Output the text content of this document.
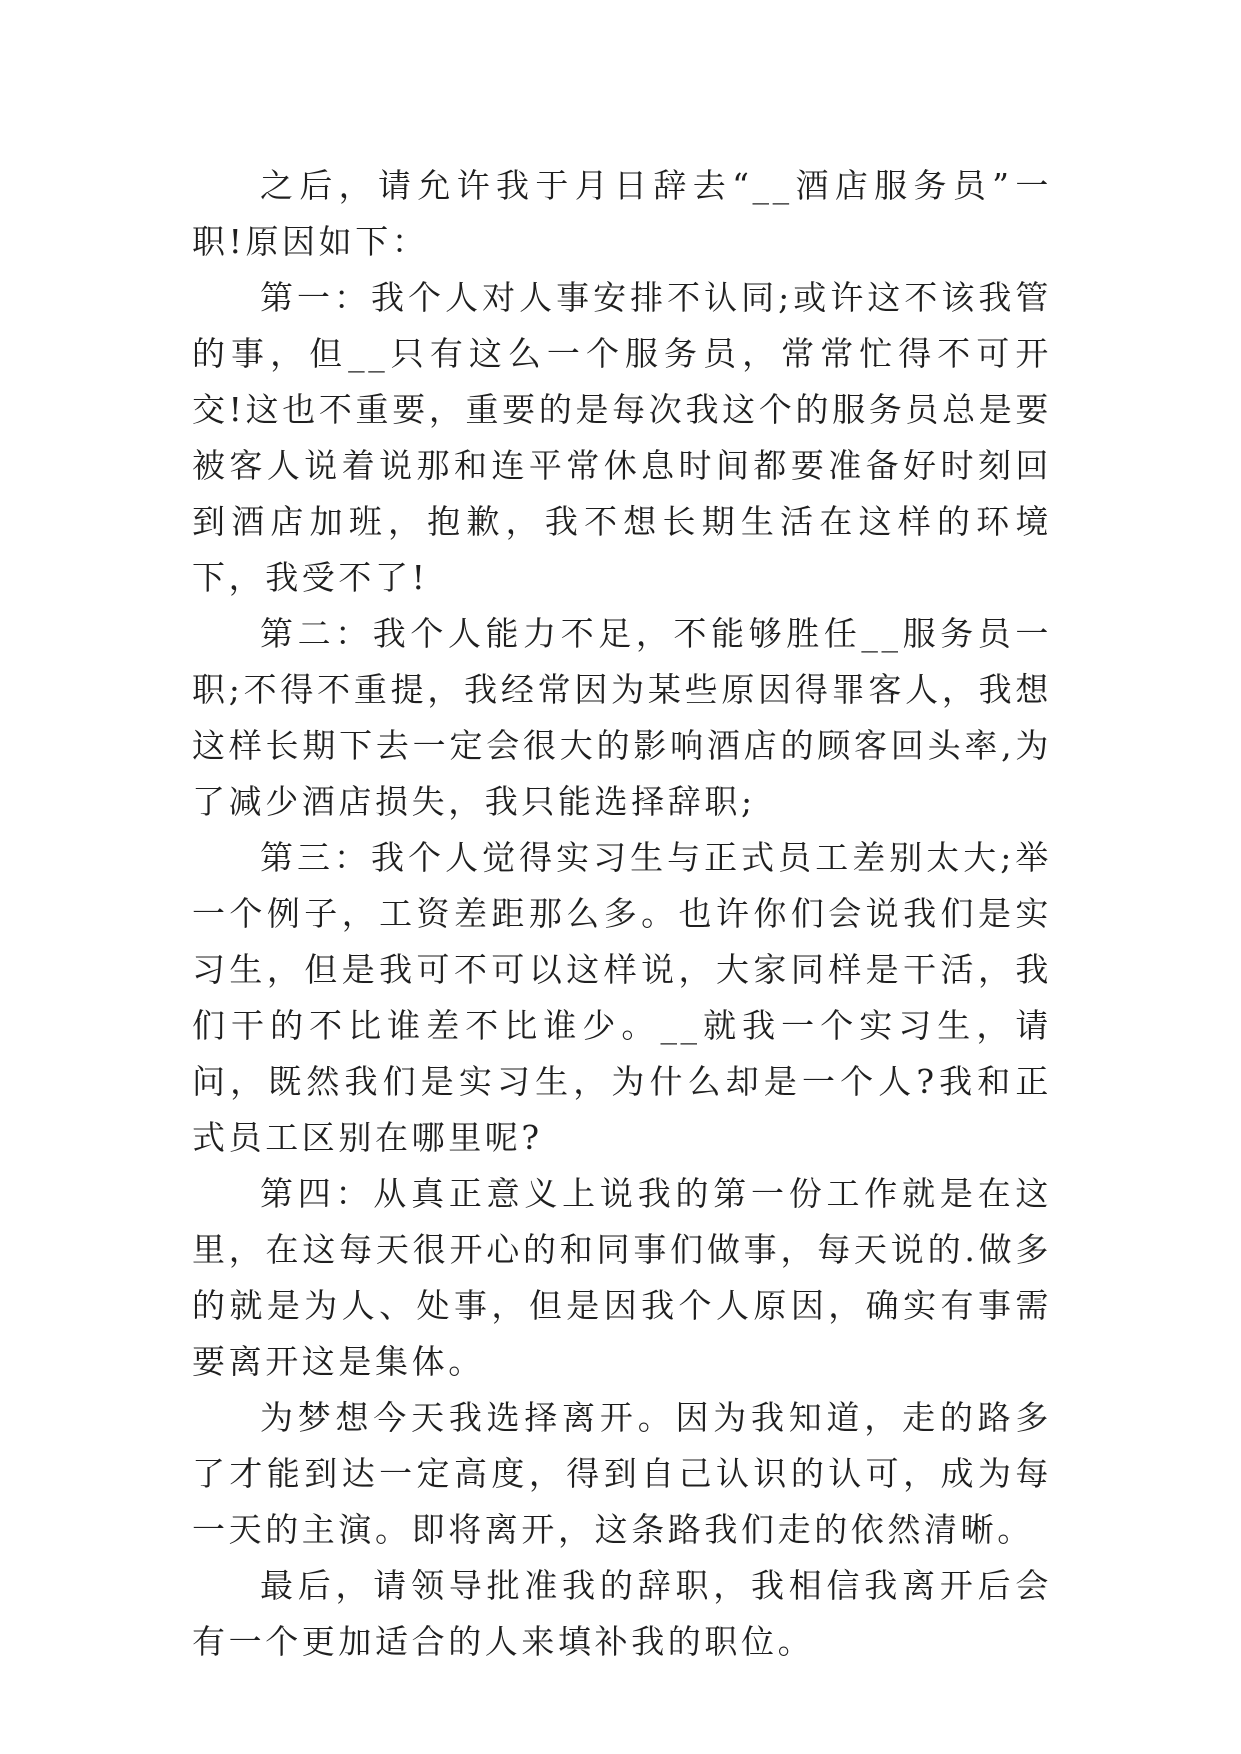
之后，请允许我于月日辞去“__酒店服务员”一职!原因如下：

第一：我个人对人事安排不认同;或许这不该我管的事，但__只有这么一个服务员，常常忙得不可开交!这也不重要，重要的是每次我这个的服务员总是要被客人说着说那和连平常休息时间都要准备好时刻回到酒店加班，抱歉，我不想长期生活在这样的环境下，我受不了!

第二：我个人能力不足，不能够胜任__服务员一职;不得不重提，我经常因为某些原因得罪客人，我想这样长期下去一定会很大的影响酒店的顾客回头率,为了减少酒店损失，我只能选择辞职;

第三：我个人觉得实习生与正式员工差别太大;举一个例子，工资差距那么多。也许你们会说我们是实习生，但是我可不可以这样说，大家同样是干活，我们干的不比谁差不比谁少。__就我一个实习生，请问，既然我们是实习生，为什么却是一个人?我和正式员工区别在哪里呢?

第四：从真正意义上说我的第一份工作就是在这里，在这每天很开心的和同事们做事，每天说的.做多的就是为人、处事，但是因我个人原因，确实有事需要离开这是集体。

为梦想今天我选择离开。因为我知道，走的路多了才能到达一定高度，得到自己认识的认可，成为每一天的主演。即将离开，这条路我们走的依然清晰。

最后，请领导批准我的辞职，我相信我离开后会有一个更加适合的人来填补我的职位。
